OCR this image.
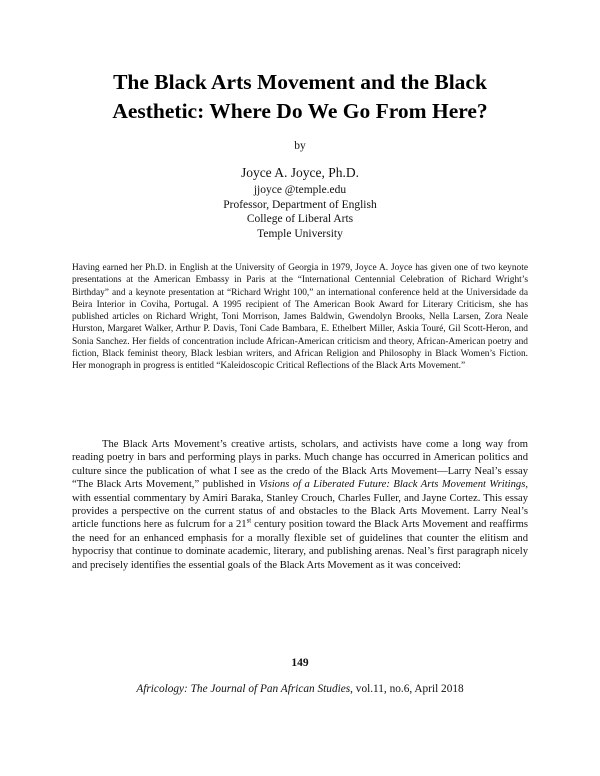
The Black Arts Movement and the Black
Aesthetic: Where Do We Go From Here?
by
Joyce A. Joyce, Ph.D.
jjoyce @temple.edu
Professor, Department of English
College of Liberal Arts
Temple University

Having earned her Ph.D. in English at the University of Georgia in 1979, Joyce A. Joyce has given one of two keynote presentations at the American Embassy in Paris at the “International Centennial Celebration of Richard Wright’s Birthday” and a keynote presentation at “Richard Wright 100,” an international conference held at the Universidade da Beira Interior in Coviha, Portugal. A 1995 recipient of The American Book Award for Literary Criticism, she has published articles on Richard Wright, Toni Morrison, James Baldwin, Gwendolyn Brooks, Nella Larsen, Zora Neale Hurston, Margaret Walker, Arthur P. Davis, Toni Cade Bambara, E. Ethelbert Miller, Askia Touré, Gil Scott-Heron, and Sonia Sanchez. Her fields of concentration include African-American criticism and theory, African-American poetry and fiction, Black feminist theory, Black lesbian writers, and African Religion and Philosophy in Black Women’s Fiction. Her monograph in progress is entitled “Kaleidoscopic Critical Reflections of the Black Arts Movement.”

The Black Arts Movement’s creative artists, scholars, and activists have come a long way from reading poetry in bars and performing plays in parks. Much change has occurred in American politics and culture since the publication of what I see as the credo of the Black Arts Movement—Larry Neal’s essay “The Black Arts Movement,” published in Visions of a Liberated Future: Black Arts Movement Writings, with essential commentary by Amiri Baraka, Stanley Crouch, Charles Fuller, and Jayne Cortez. This essay provides a perspective on the current status of and obstacles to the Black Arts Movement. Larry Neal’s article functions here as fulcrum for a 21st century position toward the Black Arts Movement and reaffirms the need for an enhanced emphasis for a morally flexible set of guidelines that counter the elitism and hypocrisy that continue to dominate academic, literary, and publishing arenas. Neal’s first paragraph nicely and precisely identifies the essential goals of the Black Arts Movement as it was conceived:

149
Africology: The Journal of Pan African Studies, vol.11, no.6, April 2018
